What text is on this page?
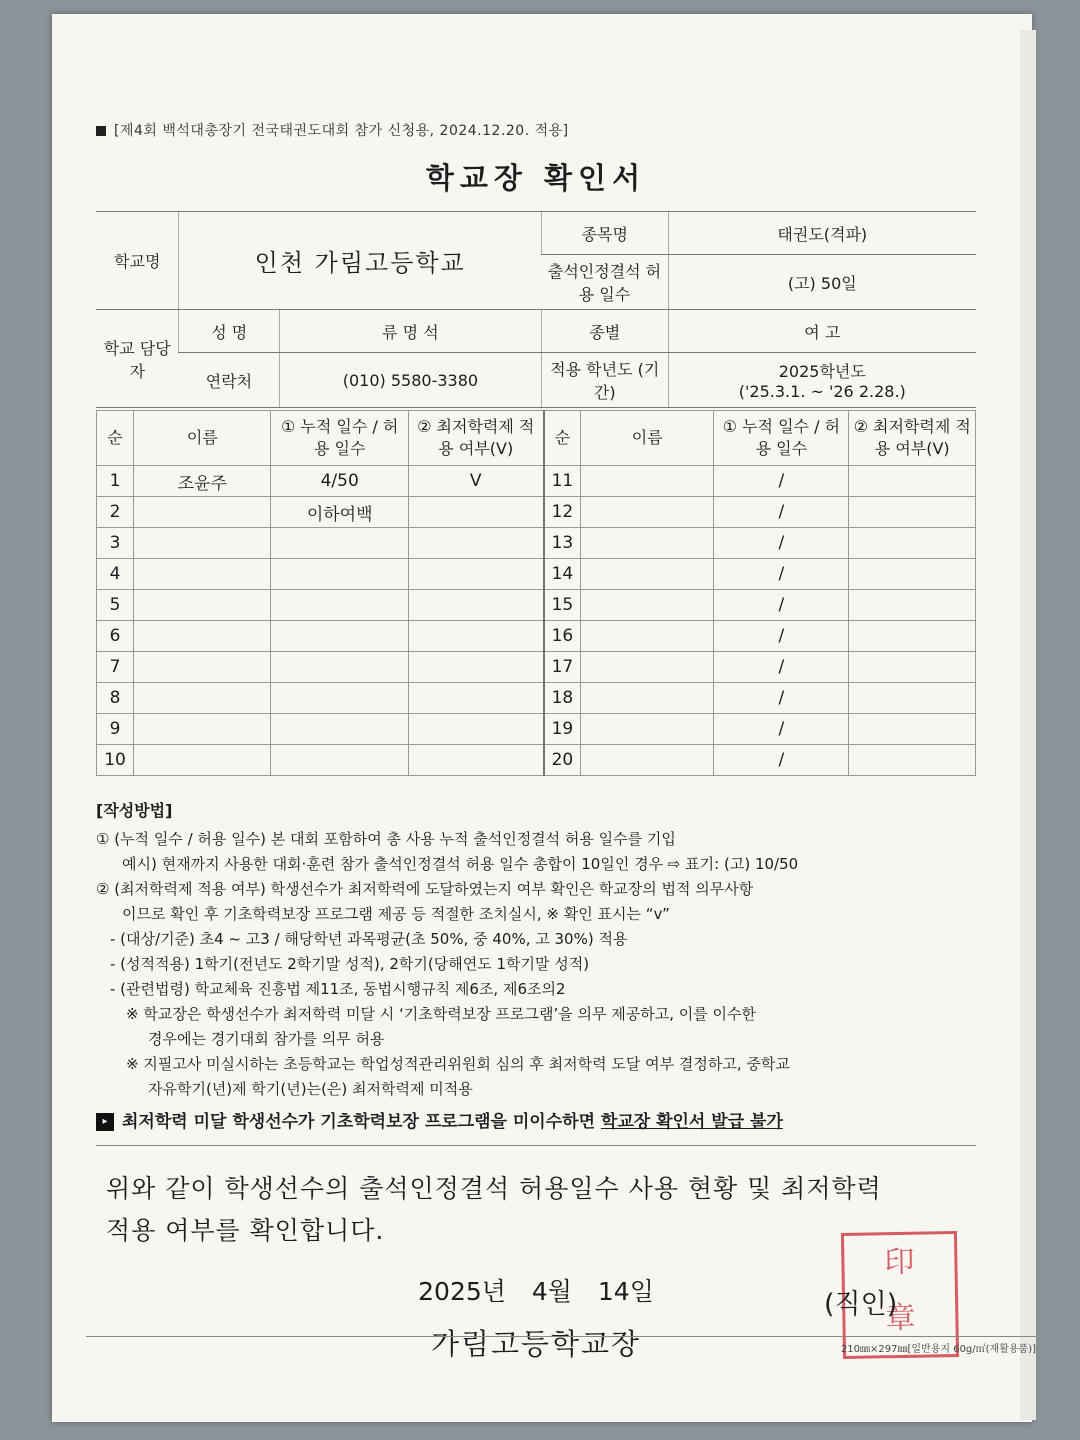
[제4회 백석대총장기 전국태권도대회 참가 신청용, 2024.12.20. 적용]
학교장 확인서
학교명	인천 가림고등학교		종목명	태권도(격파)
			출석인정결석 허용 일수	(고) 50일
학교 담당자	성 명	류 명 석	종별	여 고
	연락처	(010) 5580-3380	적용 학년도 (기간)	2025학년도
('25.3.1. ~ '26 2.28.)
순	이름	① 누적 일수 / 허용 일수	② 최저학력제 적용 여부(V)	순	이름	① 누적 일수 / 허용 일수	② 최저학력제 적용 여부(V)
1	조윤주	4/50	V	11		/	
2		이하여백		12		/	
3				13		/	
4				14		/	
5				15		/	
6				16		/	
7				17		/	
8				18		/	
9				19		/	
10				20		/	
[작성방법]
① (누적 일수 / 허용 일수) 본 대회 포함하여 총 사용 누적 출석인정결석 허용 일수를 기입
예시) 현재까지 사용한 대회·훈련 참가 출석인정결석 허용 일수 총합이 10일인 경우 ⇨ 표기: (고) 10/50
② (최저학력제 적용 여부) 학생선수가 최저학력에 도달하였는지 여부 확인은 학교장의 법적 의무사항
이므로 확인 후 기초학력보장 프로그램 제공 등 적절한 조치실시, ※ 확인 표시는 “v”
- (대상/기준) 초4 ~ 고3 / 해당학년 과목평균(초 50%, 중 40%, 고 30%) 적용
- (성적적용) 1학기(전년도 2학기말 성적), 2학기(당해연도 1학기말 성적)
- (관련법령) 학교체육 진흥법 제11조, 동법시행규칙 제6조, 제6조의2
※ 학교장은 학생선수가 최저학력 미달 시 ‘기초학력보장 프로그램’을 의무 제공하고, 이를 이수한
경우에는 경기대회 참가를 의무 허용
※ 지필고사 미실시하는 초등학교는 학업성적관리위원회 심의 후 최저학력 도달 여부 결정하고, 중학교
자유학기(년)제 학기(년)는(은) 최저학력제 미적용
▸ 최저학력 미달 학생선수가 기초학력보장 프로그램을 미이수하면 학교장 확인서 발급 불가
위와 같이 학생선수의 출석인정결석 허용일수 사용 현황 및 최저학력
적용 여부를 확인합니다.
2025년 4월 14일
가림고등학교장
印
章
(직인)
210㎜×297㎜[일반용지 60g/㎡(재활용품)]
